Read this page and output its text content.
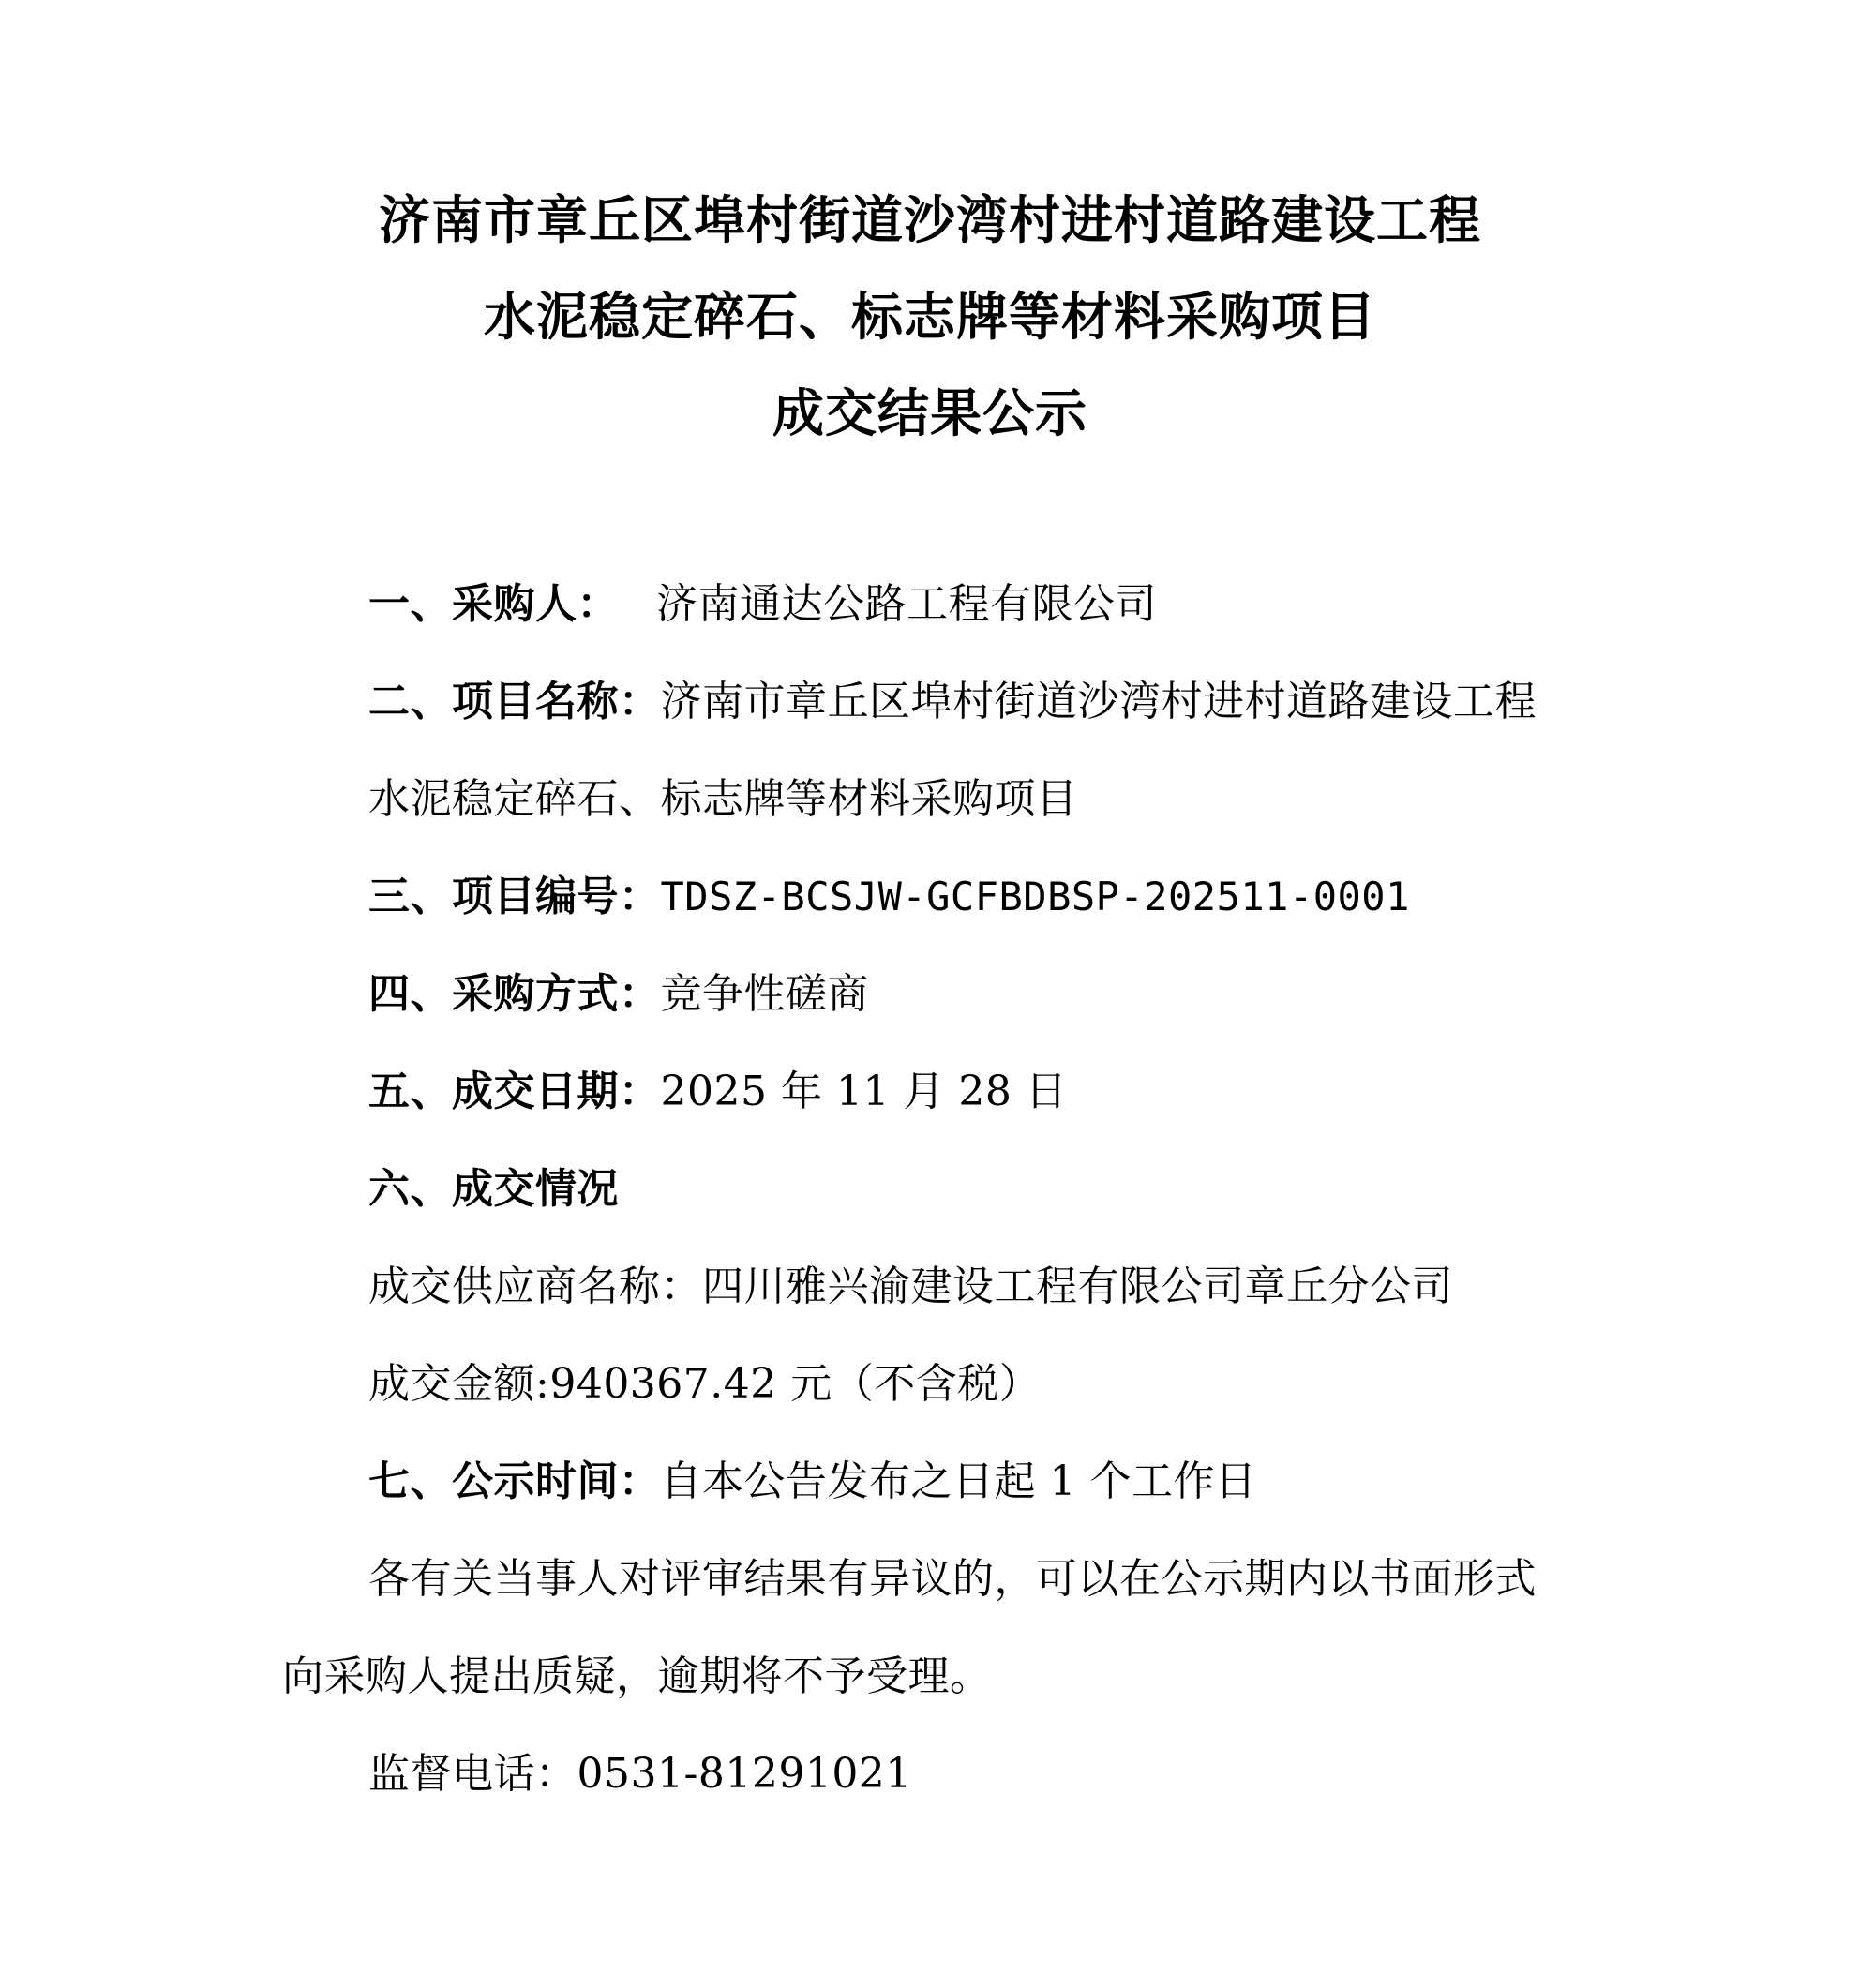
济南市章丘区埠村街道沙湾村进村道路建设工程
水泥稳定碎石、标志牌等材料采购项目
成交结果公示
一、采购人： 济南通达公路工程有限公司
二、项目名称：济南市章丘区埠村街道沙湾村进村道路建设工程
水泥稳定碎石、标志牌等材料采购项目
三、项目编号：TDSZ-BCSJW-GCFBDBSP-202511-0001
四、采购方式：竞争性磋商
五、成交日期：2025 年 11 月 28 日
六、成交情况
成交供应商名称：四川雅兴渝建设工程有限公司章丘分公司
成交金额:940367.42 元（不含税）
七、公示时间：自本公告发布之日起 1 个工作日
各有关当事人对评审结果有异议的，可以在公示期内以书面形式
向采购人提出质疑，逾期将不予受理。
监督电话：0531-81291021
